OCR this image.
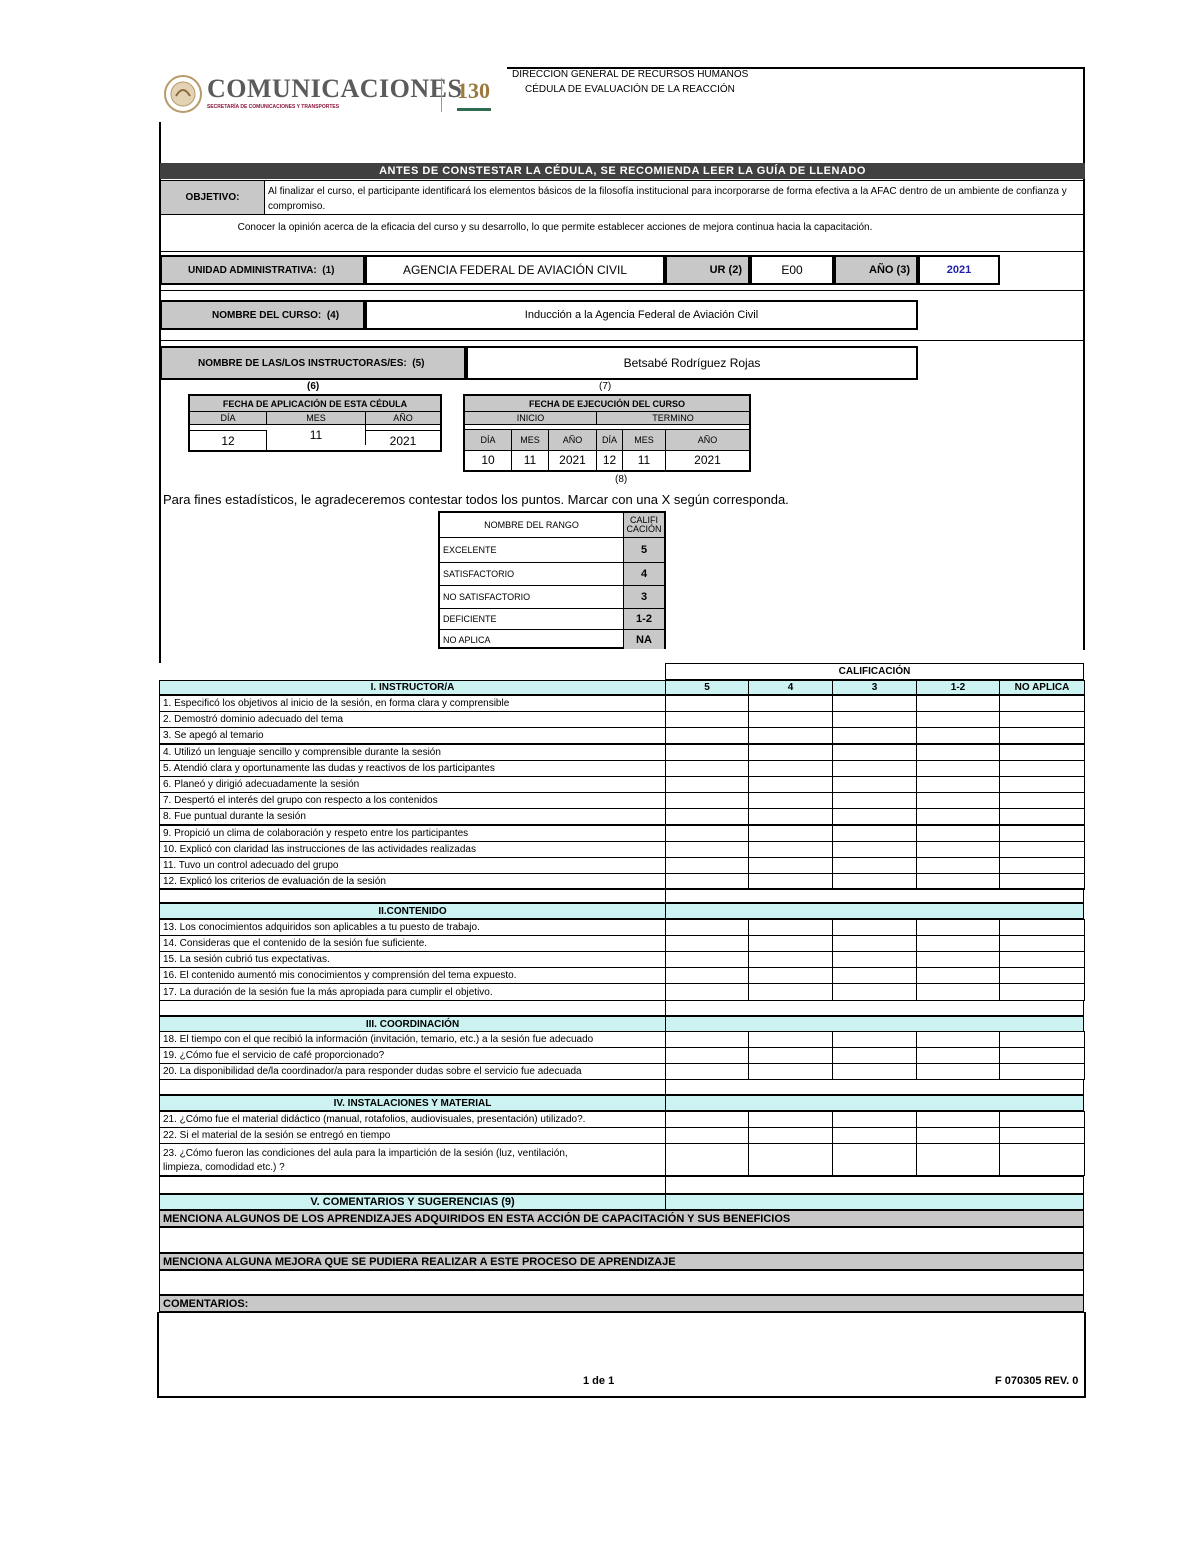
COMUNICACIONES
SECRETARÍA DE COMUNICACIONES Y TRANSPORTES
130
DIRECCION GENERAL DE RECURSOS HUMANOS
CÉDULA DE EVALUACIÓN DE LA REACCIÓN
ANTES DE CONSTESTAR LA CÉDULA, SE RECOMIENDA LEER LA GUÍA DE LLENADO
OBJETIVO:
Al finalizar el curso, el participante identificará los elementos básicos de la filosofía institucional para incorporarse de forma efectiva a la AFAC dentro de un ambiente de confianza y compromiso.
Conocer la opinión acerca de la eficacia del curso y su desarrollo, lo que permite establecer acciones de mejora continua hacia la capacitación.
UNIDAD ADMINISTRATIVA:
(1)	AGENCIA FEDERAL DE AVIACIÓN CIVIL	UR (2)	E00	AÑO (3)	2021
NOMBRE DEL CURSO:
(4)	Inducción a la Agencia Federal de Aviación Civil
NOMBRE DE LAS/LOS INSTRUCTORAS/ES:
(5)	Betsabé Rodríguez Rojas
(6)
FECHA DE APLICACIÓN DE ESTA CÉDULA
DÍA	MES	AÑO
12	11	2021
(7)
FECHA DE EJECUCIÓN DEL CURSO
INICIO	TERMINO
DÍA	MES	AÑO	DÍA	MES	AÑO
10	11	2021	12	11	2021
(8)
Para fines estadísticos, le agradeceremos contestar todos los puntos. Marcar con una X según corresponda.
NOMBRE DEL RANGO	CALIFI
CACIÓN
EXCELENTE	5
SATISFACTORIO	4
NO SATISFACTORIO	3
DEFICIENTE	1-2
NO APLICA	NA
CALIFICACIÓN
I. INSTRUCTOR/A	5	4	3	1-2	NO APLICA
1. Especificó los objetivos al inicio de la sesión, en forma clara y comprensible
2. Demostró dominio adecuado del tema
3. Se apegó al temario
4. Utilizó un lenguaje sencillo y comprensible durante la sesión
5. Atendió clara y oportunamente las dudas y reactivos de los participantes
6. Planeó y dirigió adecuadamente la sesión
7. Despertó el interés del grupo con respecto a los contenidos
8. Fue puntual durante la sesión
9. Propició un clima de colaboración y respeto entre los participantes
10. Explicó con claridad las instrucciones de las actividades realizadas
11. Tuvo un control adecuado del grupo
12. Explicó los criterios de evaluación de la sesión
II.CONTENIDO
13. Los conocimientos adquiridos son aplicables a tu puesto de trabajo.
14. Consideras que el contenido de la sesión fue suficiente.
15. La sesión cubrió tus expectativas.
16. El contenido aumentó mis conocimientos y comprensión del tema expuesto.
17. La duración de la sesión fue la más apropiada para cumplir el objetivo.
III. COORDINACIÓN
18. El tiempo con el que recibió la información (invitación, temario, etc.) a la sesión fue adecuado
19. ¿Cómo fue el servicio de café proporcionado?
20. La disponibilidad de/la coordinador/a para responder dudas sobre el servicio fue adecuada
IV. INSTALACIONES Y MATERIAL
21. ¿Cómo fue el material didáctico (manual, rotafolios, audiovisuales, presentación) utilizado?.
22. Si el material de la sesión se entregó en tiempo
23. ¿Cómo fueron las condiciones del aula para la impartición de la sesión (luz, ventilación,
limpieza, comodidad etc.) ?
V. COMENTARIOS Y SUGERENCIAS (9)
MENCIONA ALGUNOS DE LOS APRENDIZAJES ADQUIRIDOS EN ESTA ACCIÓN DE CAPACITACIÓN Y SUS BENEFICIOS
MENCIONA ALGUNA MEJORA QUE SE PUDIERA REALIZAR A ESTE PROCESO DE APRENDIZAJE
COMENTARIOS:
1 de 1	F 070305 REV. 0
